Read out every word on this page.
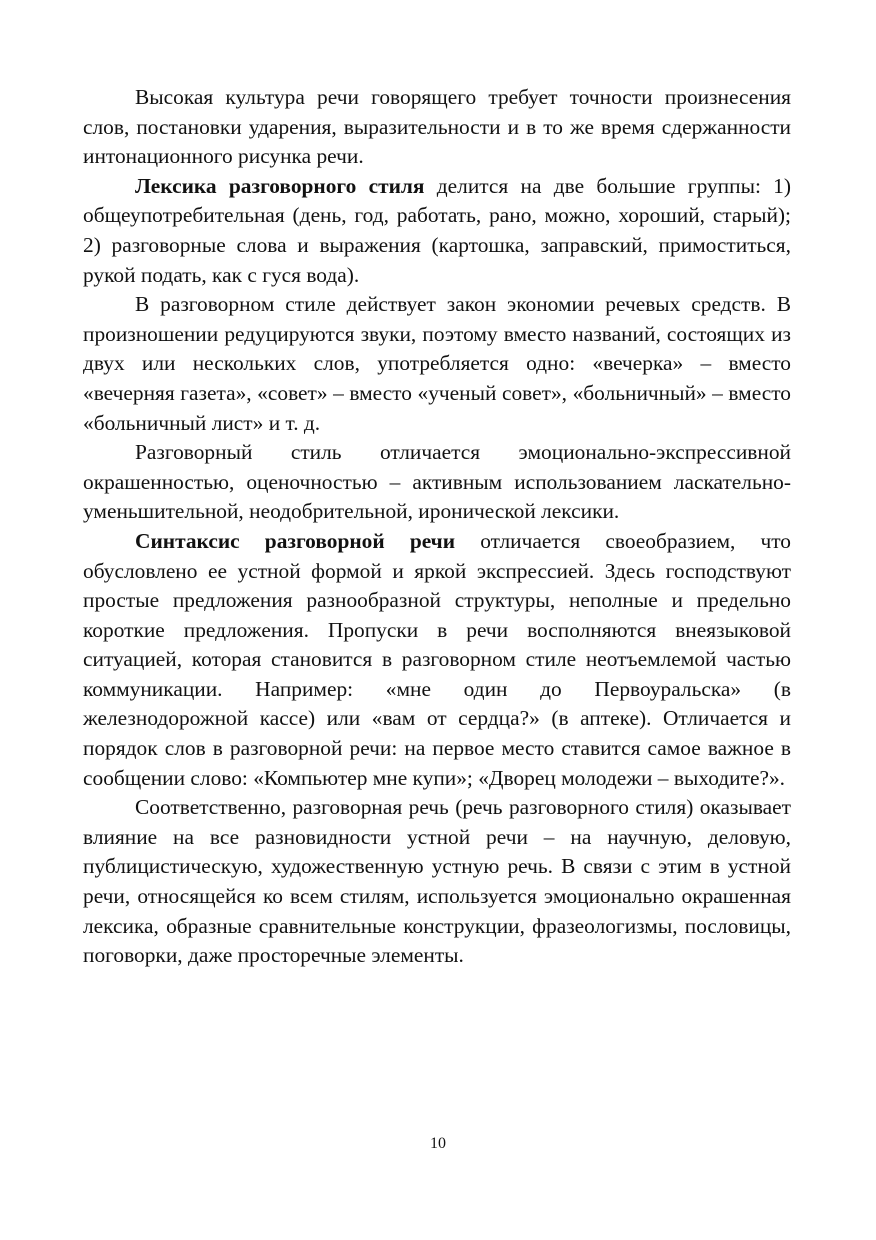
Высокая культура речи говорящего требует точности произнесения слов, постановки ударения, выразительности и в то же время сдержанности интонационного рисунка речи.

Лексика разговорного стиля делится на две большие группы: 1) общеупотребительная (день, год, работать, рано, можно, хороший, старый); 2) разговорные слова и выражения (картошка, заправский, примоститься, рукой подать, как с гуся вода).

В разговорном стиле действует закон экономии речевых средств. В произношении редуцируются звуки, поэтому вместо названий, состоящих из двух или нескольких слов, употребляется одно: «вечерка» – вместо «вечерняя газета», «совет» – вместо «ученый совет», «больничный» – вместо «больничный лист» и т. д.

Разговорный стиль отличается эмоционально-экспрессивной окрашенностью, оценочностью – активным использованием ласкательно-уменьшительной, неодобрительной, иронической лексики.

Синтаксис разговорной речи отличается своеобразием, что обусловлено ее устной формой и яркой экспрессией. Здесь господствуют простые предложения разнообразной структуры, неполные и предельно короткие предложения. Пропуски в речи восполняются внеязыковой ситуацией, которая становится в разговорном стиле неотъемлемой частью коммуникации. Например: «мне один до Первоуральска» (в железнодорожной кассе) или «вам от сердца?» (в аптеке). Отличается и порядок слов в разговорной речи: на первое место ставится самое важное в сообщении слово: «Компьютер мне купи»; «Дворец молодежи – выходите?».

Соответственно, разговорная речь (речь разговорного стиля) оказывает влияние на все разновидности устной речи – на научную, деловую, публицистическую, художественную устную речь. В связи с этим в устной речи, относящейся ко всем стилям, используется эмоционально окрашенная лексика, образные сравнительные конструкции, фразеологизмы, пословицы, поговорки, даже просторечные элементы.

10
